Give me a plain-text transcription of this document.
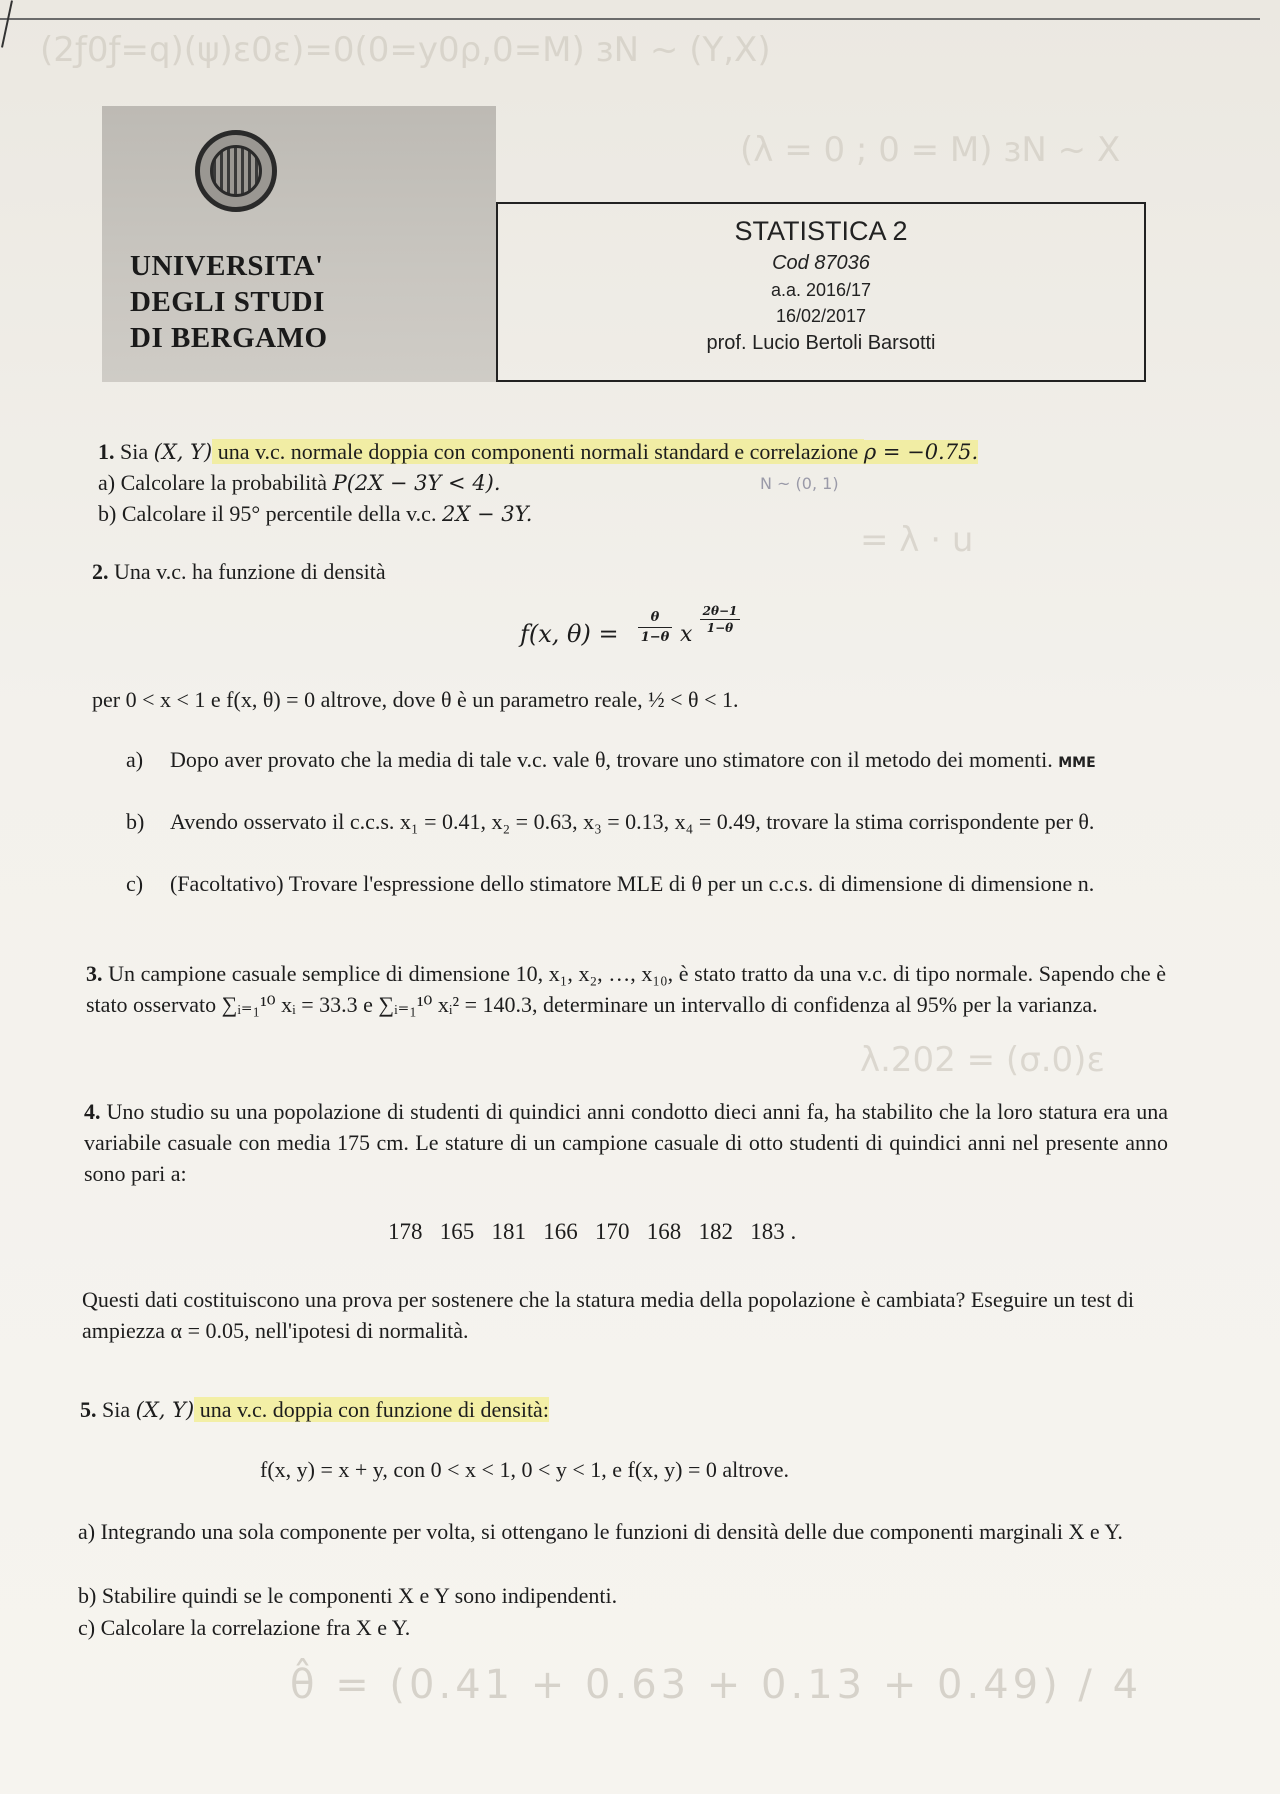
(2ƒ0ƒ=q)(ψ)ε0ε)=0(0=y0ρ,0=M) ɜN ~ (Y,X)
(λ = 0 ; 0 = M) ɜN ~ X
= λ · u
λ.202 = (σ.0)ε
UNIVERSITA'
DEGLI STUDI
DI BERGAMO
STATISTICA 2
Cod 87036
a.a. 2016/17
16/02/2017
prof. Lucio Bertoli Barsotti
1. Sia (X, Y) una v.c. normale doppia con componenti normali standard e correlazione ρ = −0.75.
a) Calcolare la probabilità P(2X − 3Y < 4).	N ~ (0, 1)
b) Calcolare il 95° percentile della v.c. 2X − 3Y.
2. Una v.c. ha funzione di densità
f(x, θ) =
θ
1−θ x
2θ−1
1−θ
per 0 < x < 1 e f(x, θ) = 0 altrove, dove θ è un parametro reale, ½ < θ < 1.
a) Dopo aver provato che la media di tale v.c. vale θ, trovare uno stimatore con il metodo dei momenti. MME
b) Avendo osservato il c.c.s. x₁ = 0.41, x₂ = 0.63, x₃ = 0.13, x₄ = 0.49, trovare la stima corrispondente per θ.
c) (Facoltativo) Trovare l'espressione dello stimatore MLE di θ per un c.c.s. di dimensione di dimensione n.
3. Un campione casuale semplice di dimensione 10, x₁, x₂, …, x₁₀, è stato tratto da una v.c. di tipo normale. Sapendo che è stato osservato ∑ᵢ₌₁¹⁰ xᵢ = 33.3 e ∑ᵢ₌₁¹⁰ xᵢ² = 140.3, determinare un intervallo di confidenza al 95% per la varianza.
4. Uno studio su una popolazione di studenti di quindici anni condotto dieci anni fa, ha stabilito che la loro statura era una variabile casuale con media 175 cm. Le stature di un campione casuale di otto studenti di quindici anni nel presente anno sono pari a:
178   165   181   166   170   168   182   183 .
Questi dati costituiscono una prova per sostenere che la statura media della popolazione è cambiata? Eseguire un test di ampiezza α = 0.05, nell'ipotesi di normalità.
5. Sia (X, Y) una v.c. doppia con funzione di densità:
f(x, y) = x + y, con 0 < x < 1, 0 < y < 1, e f(x, y) = 0 altrove.
a) Integrando una sola componente per volta, si ottengano le funzioni di densità delle due componenti marginali X e Y.
b) Stabilire quindi se le componenti X e Y sono indipendenti.
c) Calcolare la correlazione fra X e Y.
θ̂ = (0.41 + 0.63 + 0.13 + 0.49) / 4
